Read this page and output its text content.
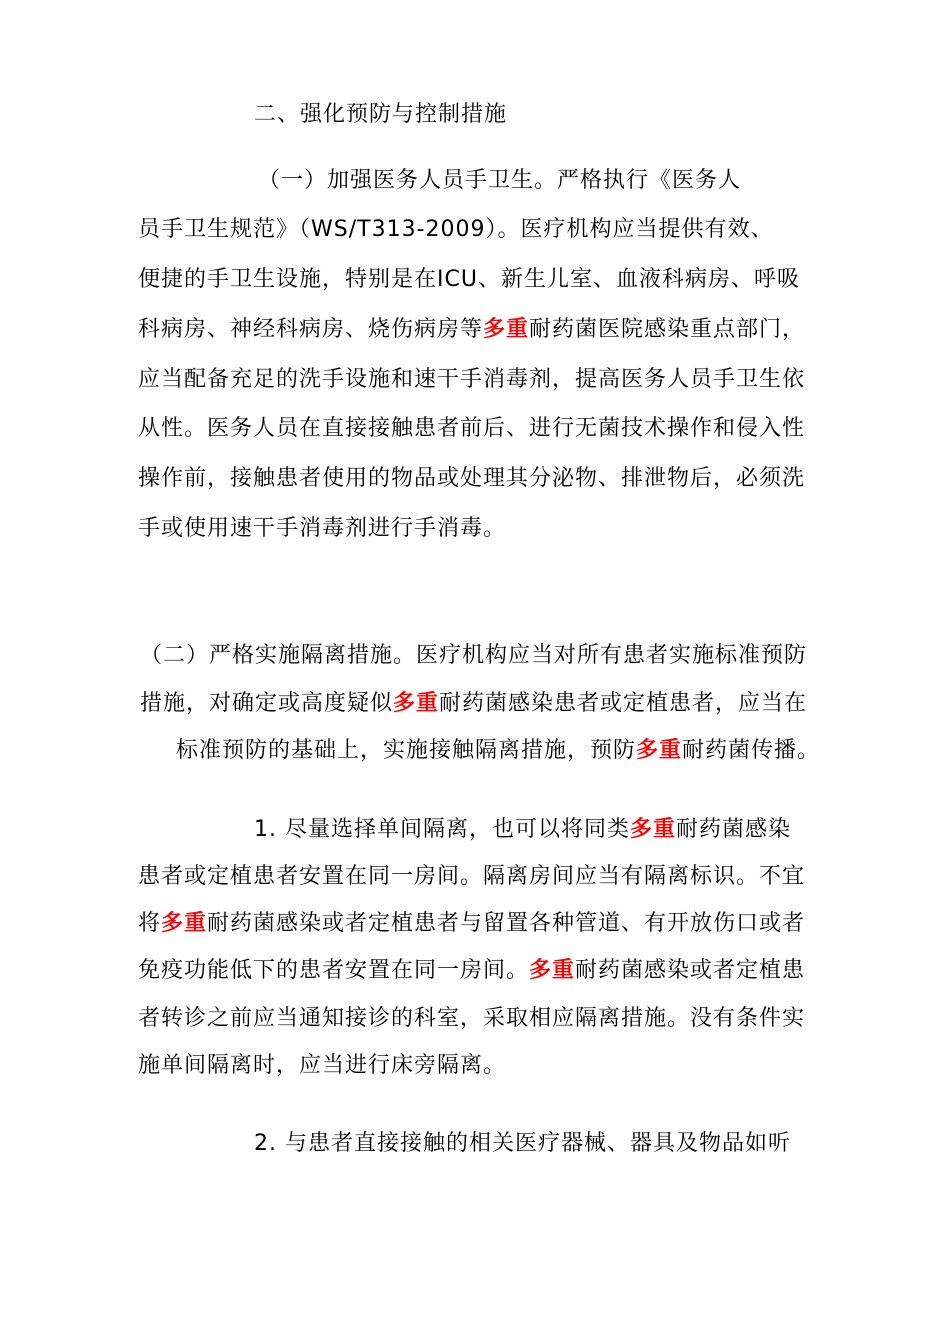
二、强化预防与控制措施
（一）加强医务人员手卫生。严格执行《医务人
员手卫生规范》（WS/T313-2009）。医疗机构应当提供有效、
便捷的手卫生设施，特别是在ICU、新生儿室、血液科病房、呼吸
科病房、神经科病房、烧伤病房等多重耐药菌医院感染重点部门，
应当配备充足的洗手设施和速干手消毒剂，提高医务人员手卫生依
从性。医务人员在直接接触患者前后、进行无菌技术操作和侵入性
操作前，接触患者使用的物品或处理其分泌物、排泄物后，必须洗
手或使用速干手消毒剂进行手消毒。
（二）严格实施隔离措施。医疗机构应当对所有患者实施标准预防
措施，对确定或高度疑似多重耐药菌感染患者或定植患者，应当在
标准预防的基础上，实施接触隔离措施，预防多重耐药菌传播。
1. 尽量选择单间隔离，也可以将同类多重耐药菌感染
患者或定植患者安置在同一房间。隔离房间应当有隔离标识。不宜
将多重耐药菌感染或者定植患者与留置各种管道、有开放伤口或者
免疫功能低下的患者安置在同一房间。多重耐药菌感染或者定植患
者转诊之前应当通知接诊的科室，采取相应隔离措施。没有条件实
施单间隔离时，应当进行床旁隔离。
2. 与患者直接接触的相关医疗器械、器具及物品如听
